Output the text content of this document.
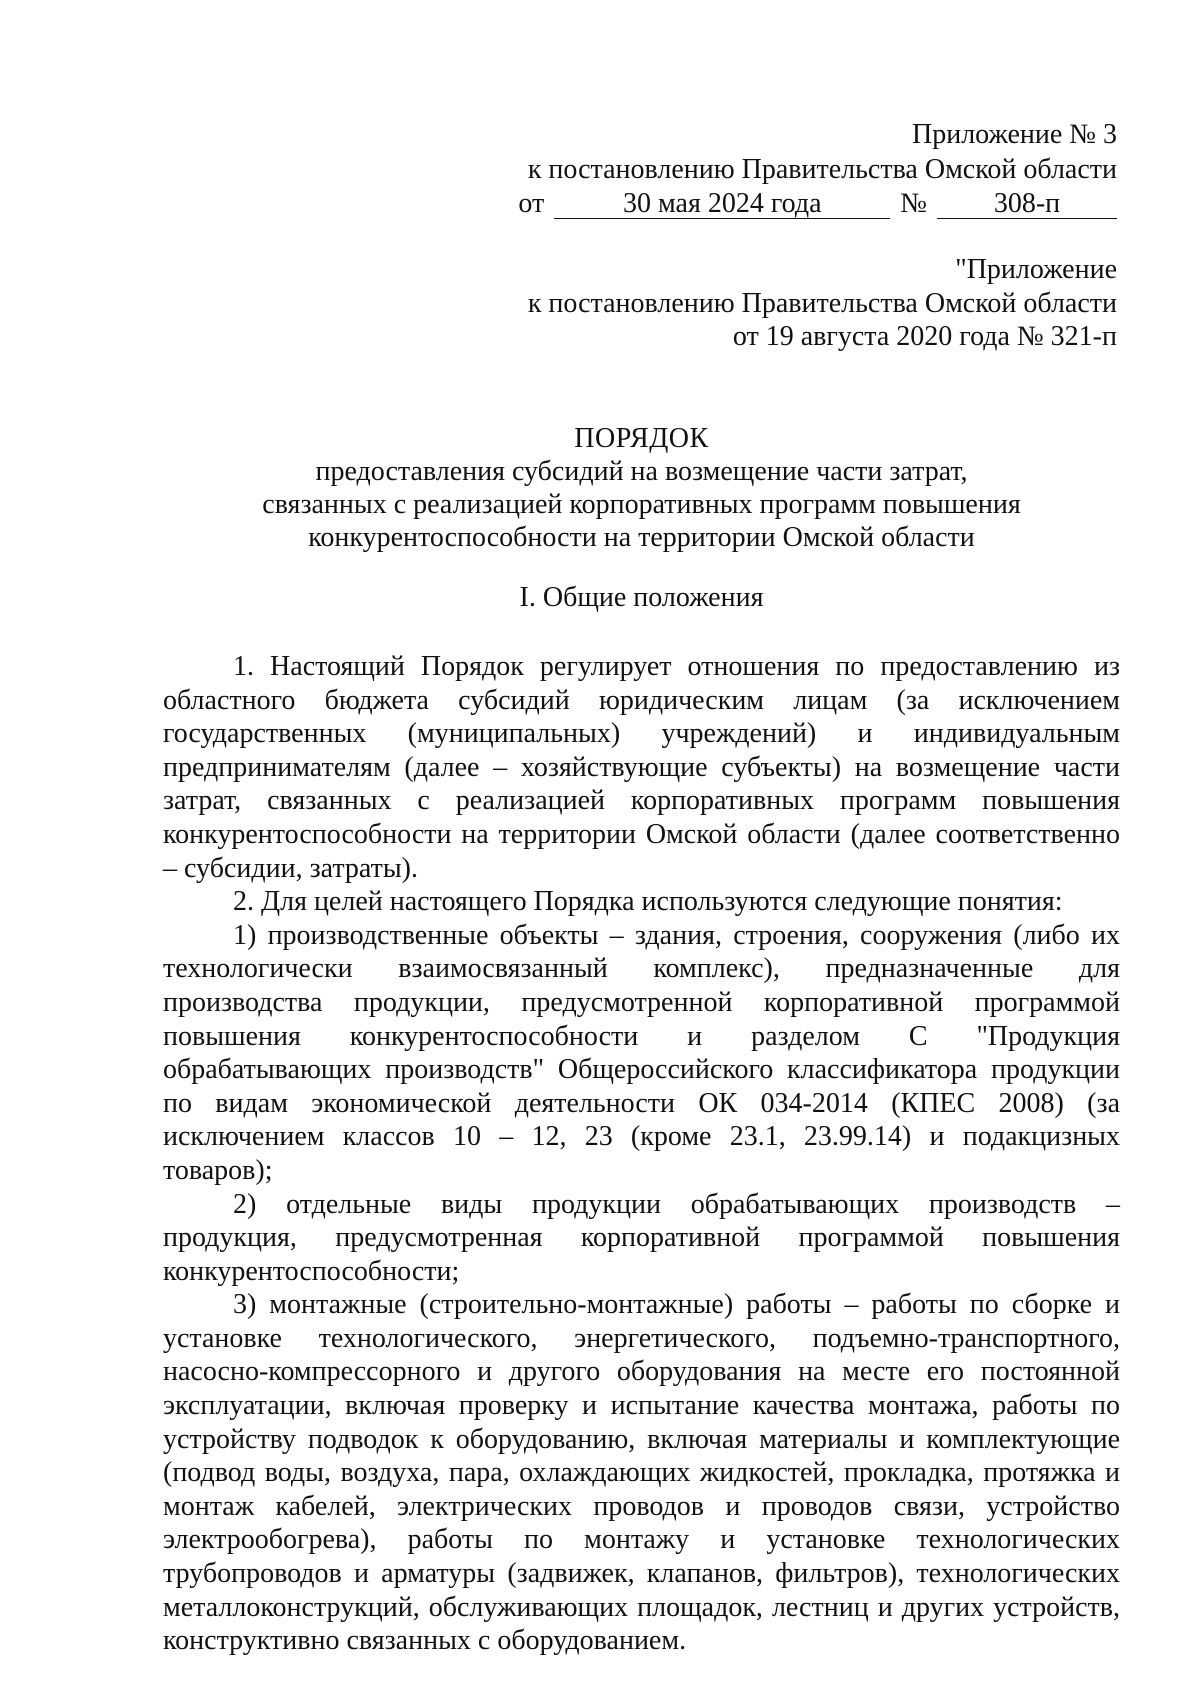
Приложение № 3
к постановлению Правительства Омской области
от	30 мая 2024 года	№ 308-п
"Приложение
к постановлению Правительства Омской области
от 19 августа 2020 года № 321-п
ПОРЯДОК
предоставления субсидий на возмещение части затрат,
связанных с реализацией корпоративных программ повышения
конкурентоспособности на территории Омской области
I. Общие положения

1. Настоящий Порядок регулирует отношения по предоставлению из областного бюджета субсидий юридическим лицам (за исключением государственных (муниципальных) учреждений) и индивидуальным предпринимателям (далее – хозяйствующие субъекты) на возмещение части затрат, связанных с реализацией корпоративных программ повышения конкурентоспособности на территории Омской области (далее соответственно – субсидии, затраты).

2. Для целей настоящего Порядка используются следующие понятия:

1) производственные объекты – здания, строения, сооружения (либо их технологически взаимосвязанный комплекс), предназначенные для производства продукции, предусмотренной корпоративной программой повышения конкурентоспособности и разделом C "Продукция обрабатывающих производств" Общероссийского классификатора продукции по видам экономической деятельности ОК 034-2014 (КПЕС 2008) (за исключением классов 10 – 12, 23 (кроме 23.1, 23.99.14) и подакцизных товаров);

2) отдельные виды продукции обрабатывающих производств – продукция, предусмотренная корпоративной программой повышения конкурентоспособности;

3) монтажные (строительно-монтажные) работы – работы по сборке и установке технологического, энергетического, подъемно-транспортного, насосно-компрессорного и другого оборудования на месте его постоянной эксплуатации, включая проверку и испытание качества монтажа, работы по устройству подводок к оборудованию, включая материалы и комплектующие (подвод воды, воздуха, пара, охлаждающих жидкостей, прокладка, протяжка и монтаж кабелей, электрических проводов и проводов связи, устройство электрообогрева), работы по монтажу и установке технологических трубопроводов и арматуры (задвижек, клапанов, фильтров), технологических металлоконструкций, обслуживающих площадок, лестниц и других устройств, конструктивно связанных с оборудованием.
